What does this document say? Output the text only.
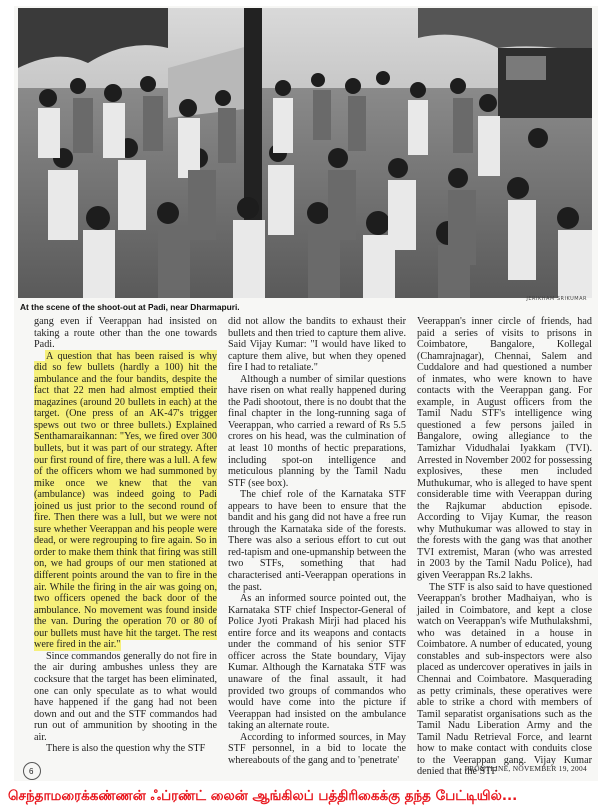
JERIKHAM SRIKUMAR
At the scene of the shoot-out at Padi, near Dharmapuri.

gang even if Veerappan had insisted on taking a route other than the one towards Padi.

A question that has been raised is why did so few bullets (hardly a 100) hit the ambulance and the four bandits, despite the fact that 22 men had almost emptied their magazines (around 20 bullets in each) at the target. (One press of an AK-47's trigger spews out two or three bullets.) Explained Senthamaraikannan: "Yes, we fired over 300 bullets, but it was part of our strategy. After our first round of fire, there was a lull. A few of the officers whom we had summoned by mike once we knew that the van (ambulance) was indeed going to Padi joined us just prior to the second round of fire. Then there was a lull, but we were not sure whether Veerappan and his people were dead, or were regrouping to fire again. So in order to make them think that firing was still on, we had groups of our men stationed at different points around the van to fire in the air. While the firing in the air was going on, two officers opened the back door of the ambulance. No movement was found inside the van. During the operation 70 or 80 of our bullets must have hit the target. The rest were fired in the air."

Since commandos generally do not fire in the air during ambushes unless they are cocksure that the target has been eliminated, one can only speculate as to what would have happened if the gang had not been down and out and the STF commandos had run out of ammunition by shooting in the air.

There is also the question why the STF

did not allow the bandits to exhaust their bullets and then tried to capture them alive. Said Vijay Kumar: "I would have liked to capture them alive, but when they opened fire I had to retaliate."

Although a number of similar questions have risen on what really happened during the Padi shootout, there is no doubt that the final chapter in the long-running saga of Veerappan, who carried a reward of Rs 5.5 crores on his head, was the culmination of at least 10 months of hectic preparations, including spot-on intelligence and meticulous planning by the Tamil Nadu STF (see box).

The chief role of the Karnataka STF appears to have been to ensure that the bandit and his gang did not have a free run through the Karnataka side of the forests. There was also a serious effort to cut out red-tapism and one-upmanship between the two STFs, something that had characterised anti-Veerappan operations in the past.

As an informed source pointed out, the Karnataka STF chief Inspector-General of Police Jyoti Prakash Mirji had placed his entire force and its weapons and contacts under the command of his senior STF officer across the State boundary, Vijay Kumar. Although the Karnataka STF was unaware of the final assault, it had provided two groups of commandos who would have come into the picture if Veerappan had insisted on the ambulance taking an alternate route.

According to informed sources, in May STF personnel, in a bid to locate the whereabouts of the gang and to 'penetrate'

Veerappan's inner circle of friends, had paid a series of visits to prisons in Coimbatore, Bangalore, Kollegal (Chamrajnagar), Chennai, Salem and Cuddalore and had questioned a number of inmates, who were known to have contacts with the Veerappan gang. For example, in August officers from the Tamil Nadu STF's intelligence wing questioned a few persons jailed in Bangalore, owing allegiance to the Tamizhar Vidudhalai Iyakkam (TVI). Arrested in November 2002 for possessing explosives, these men included Muthukumar, who is alleged to have spent considerable time with Veerappan during the Rajkumar abduction episode. According to Vijay Kumar, the reason why Muthukumar was allowed to stay in the forests with the gang was that another TVI extremist, Maran (who was arrested in 2003 by the Tamil Nadu Police), had given Veerappan Rs.2 lakhs.

The STF is also said to have questioned Veerappan's brother Madhaiyan, who is jailed in Coimbatore, and kept a close watch on Veerappan's wife Muthulakshmi, who was detained in a house in Coimbatore. A number of educated, young constables and sub-inspectors were also placed as undercover operatives in jails in Chennai and Coimbatore. Masquerading as petty criminals, these operatives were able to strike a chord with members of Tamil separatist organisations such as the Tamil Nadu Liberation Army and the Tamil Nadu Retrieval Force, and learnt how to make contact with conduits close to the Veerappan gang. Vijay Kumar denied that the STF

6	FRONTLINE, NOVEMBER 19, 2004
செந்தாமரைக்கண்ணன் ஃப்ரண்ட் லைன் ஆங்கிலப் பத்திரிகைக்கு தந்த பேட்டியில்...
